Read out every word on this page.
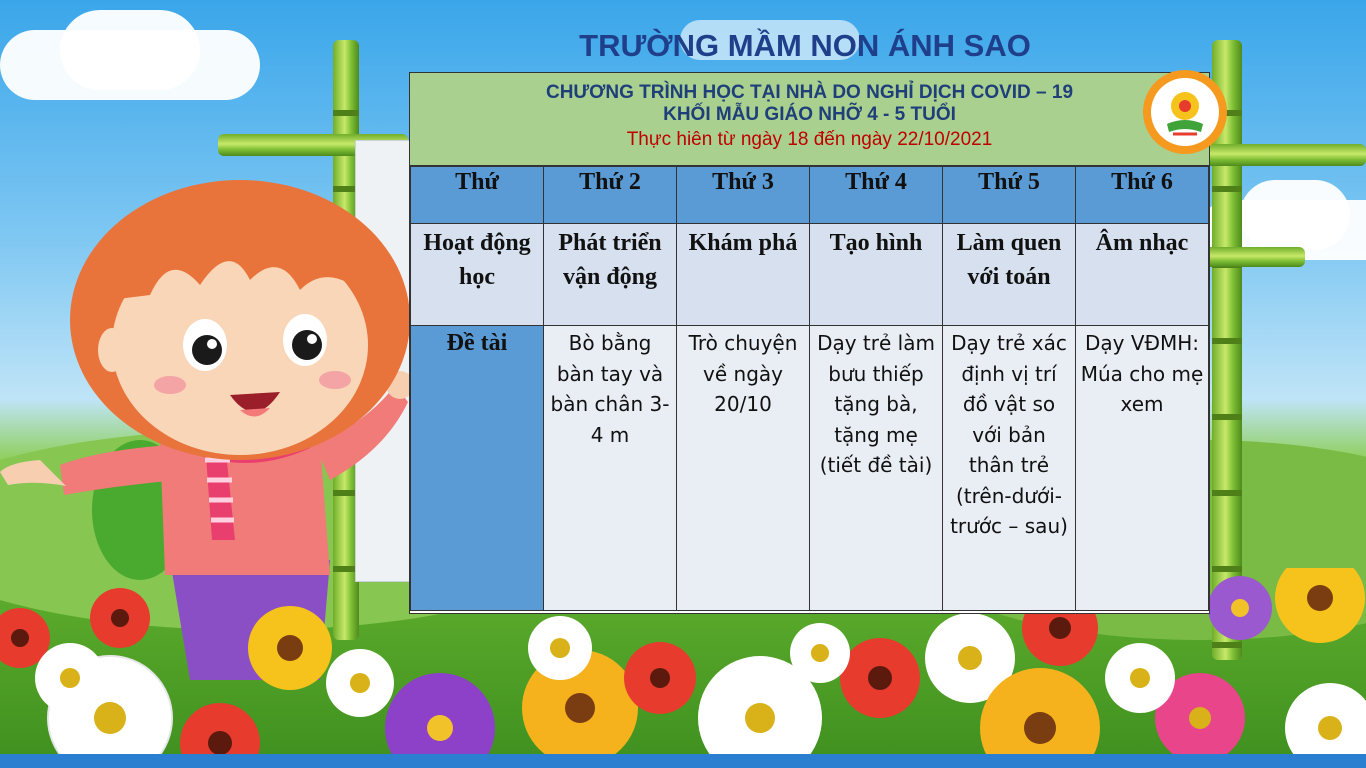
TRƯỜNG MẦM NON ÁNH SAO
CHƯƠNG TRÌNH HỌC TẠI NHÀ DO NGHỈ DỊCH COVID – 19
KHỐI MẪU GIÁO NHỠ 4 - 5 TUỔI
Thực hiên từ ngày 18 đến ngày 22/10/2021
Thứ	Thứ 2	Thứ 3	Thứ 4	Thứ 5	Thứ 6
Hoạt động học	Phát triển vận động	Khám phá	Tạo hình	Làm quen với toán	Âm nhạc
Đề tài	Bò bằng bàn tay và bàn chân 3- 4 m	Trò chuyện về ngày 20/10	Dạy trẻ làm bưu thiếp tặng bà, tặng mẹ (tiết đề tài)	Dạy trẻ xác định vị trí đồ vật so với bản thân trẻ (trên-dưới-trước – sau)	Dạy VĐMH: Múa cho mẹ xem
